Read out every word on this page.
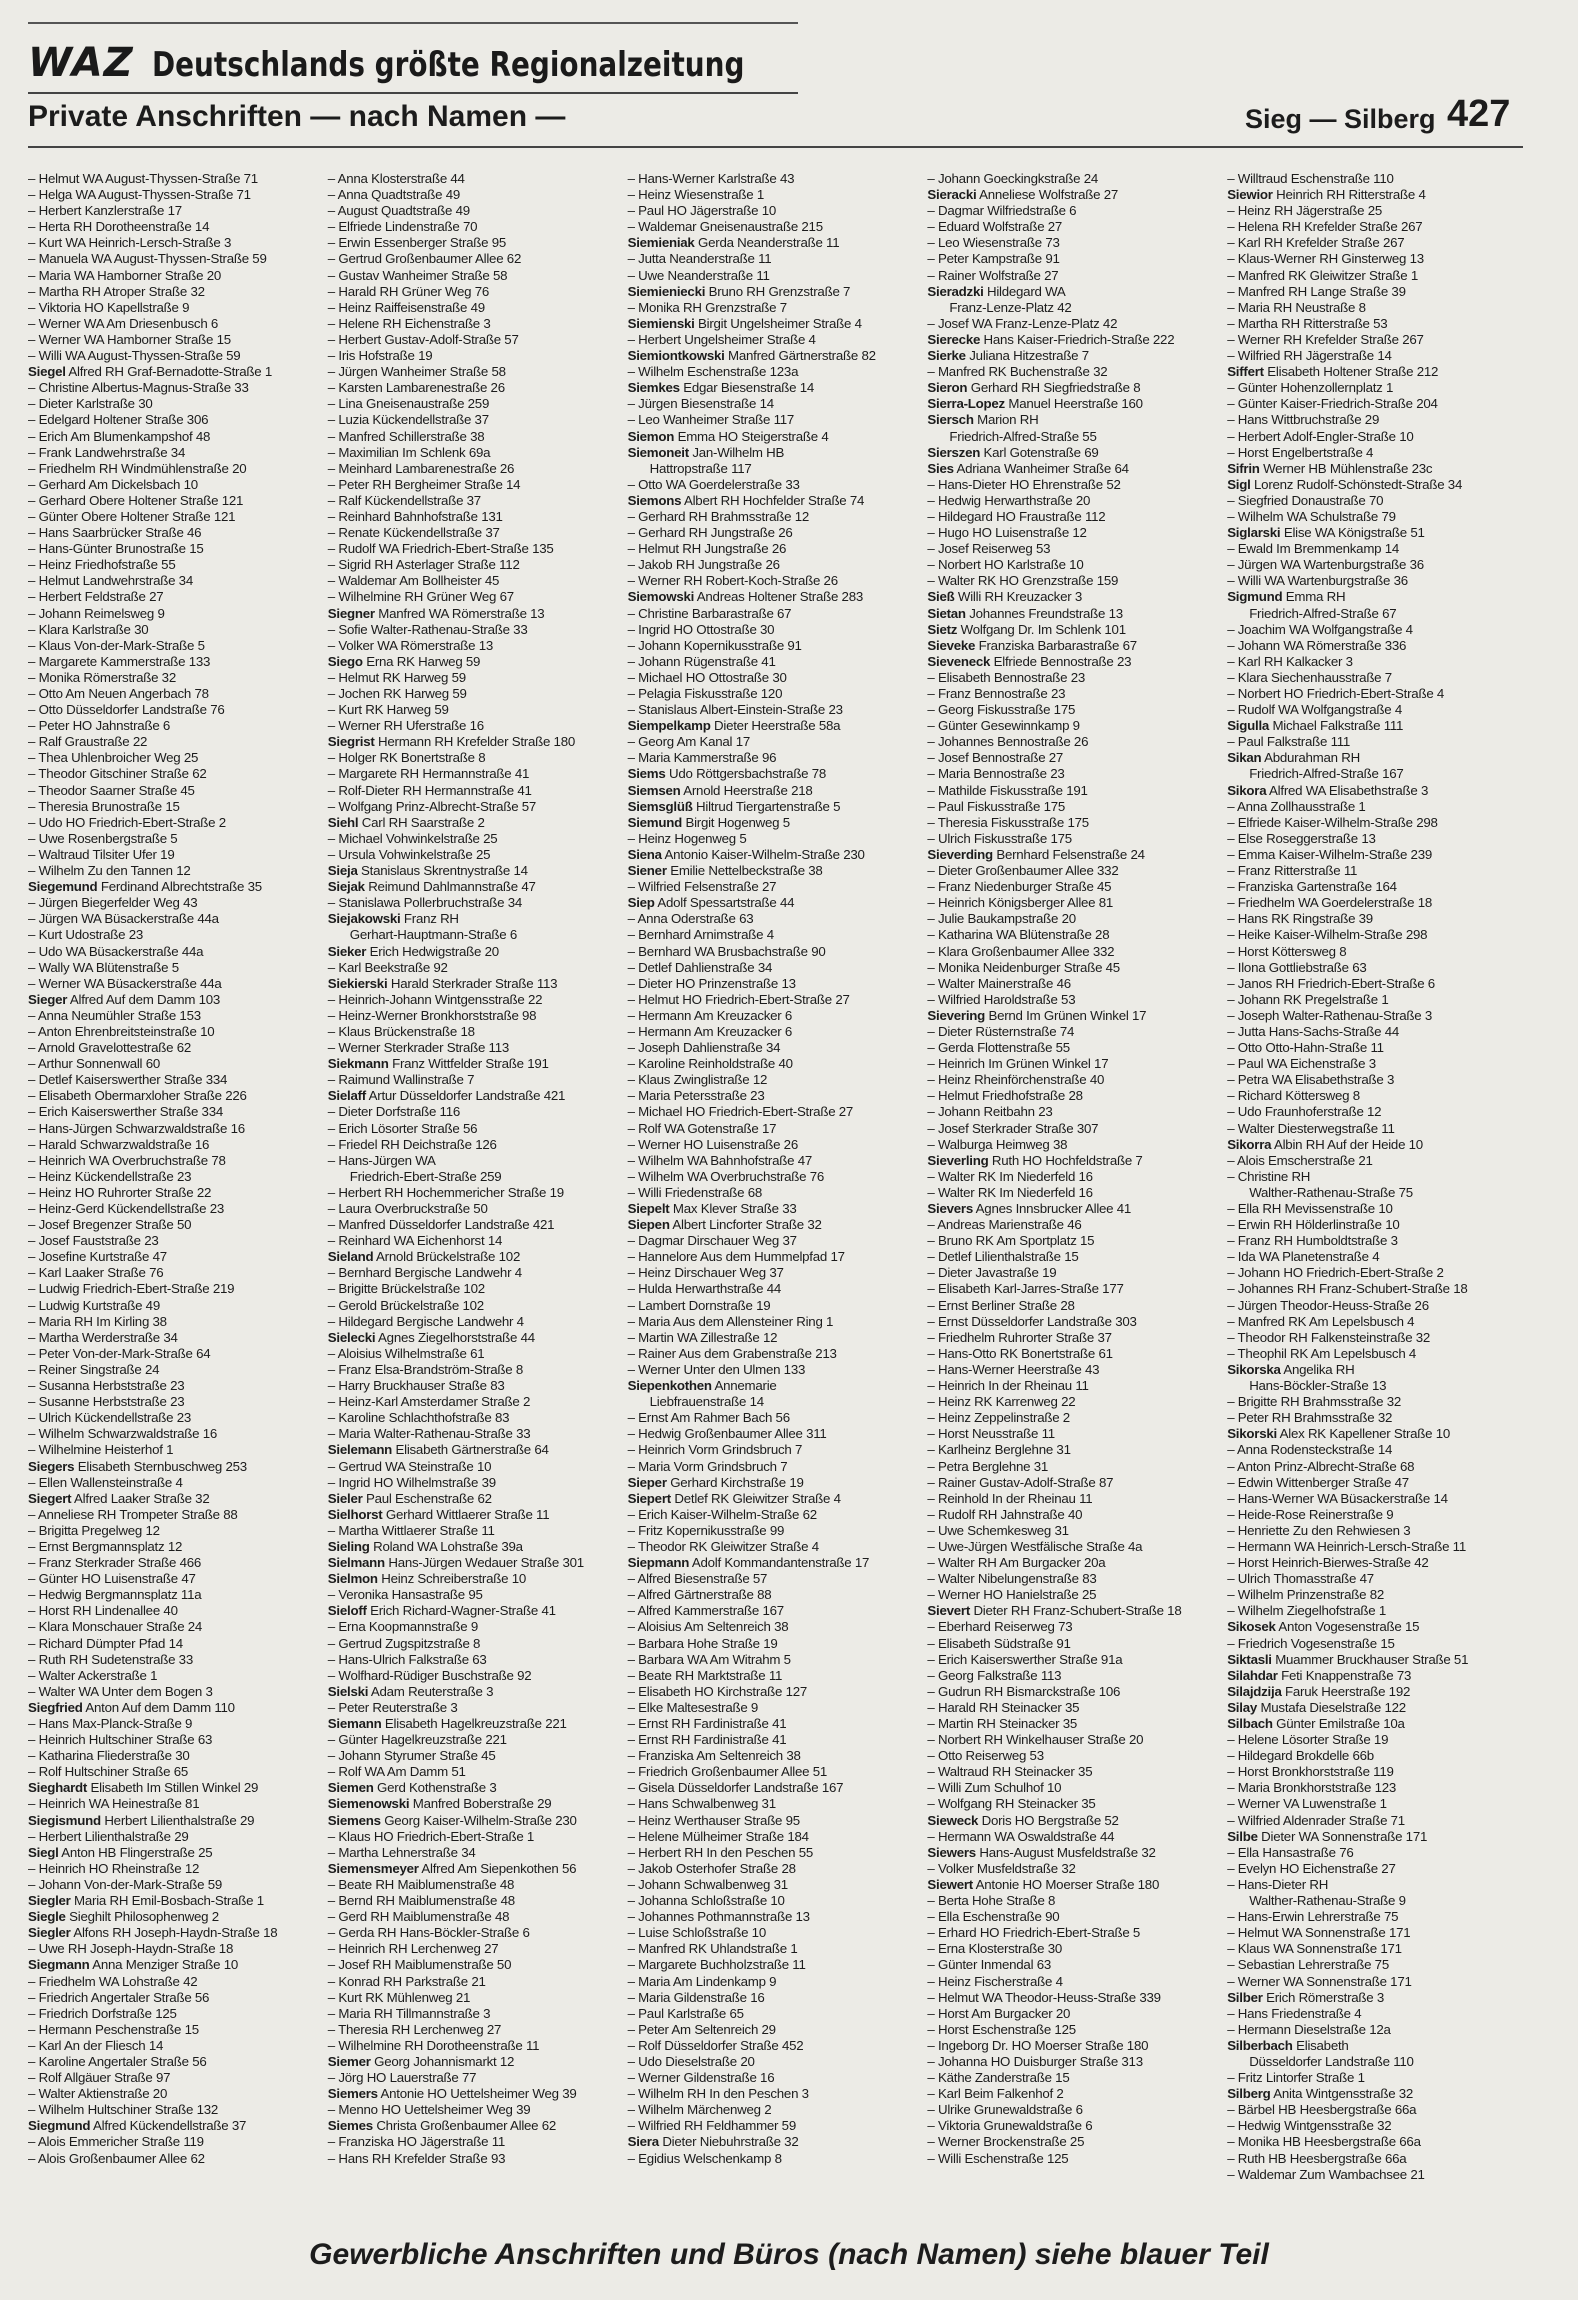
WAZ Deutschlands größte Regionalzeitung
Private Anschriften — nach Namen —	Sieg — Silberg 427
– Helmut WA August-Thyssen-Straße 71
– Helga WA August-Thyssen-Straße 71
– Herbert Kanzlerstraße 17
– Herta RH Dorotheenstraße 14
– Kurt WA Heinrich-Lersch-Straße 3
– Manuela WA August-Thyssen-Straße 59
– Maria WA Hamborner Straße 20
– Martha RH Atroper Straße 32
– Viktoria HO Kapellstraße 9
– Werner WA Am Driesenbusch 6
– Werner WA Hamborner Straße 15
– Willi WA August-Thyssen-Straße 59
Siegel Alfred RH Graf-Bernadotte-Straße 1
– Christine Albertus-Magnus-Straße 33
– Dieter Karlstraße 30
– Edelgard Holtener Straße 306
– Erich Am Blumenkampshof 48
– Frank Landwehrstraße 34
– Friedhelm RH Windmühlenstraße 20
– Gerhard Am Dickelsbach 10
– Gerhard Obere Holtener Straße 121
– Günter Obere Holtener Straße 121
– Hans Saarbrücker Straße 46
– Hans-Günter Brunostraße 15
– Heinz Friedhofstraße 55
– Helmut Landwehrstraße 34
– Herbert Feldstraße 27
– Johann Reimelsweg 9
– Klara Karlstraße 30
– Klaus Von-der-Mark-Straße 5
– Margarete Kammerstraße 133
– Monika Römerstraße 32
– Otto Am Neuen Angerbach 78
– Otto Düsseldorfer Landstraße 76
– Peter HO Jahnstraße 6
– Ralf Graustraße 22
– Thea Uhlenbroicher Weg 25
– Theodor Gitschiner Straße 62
– Theodor Saarner Straße 45
– Theresia Brunostraße 15
– Udo HO Friedrich-Ebert-Straße 2
– Uwe Rosenbergstraße 5
– Waltraud Tilsiter Ufer 19
– Wilhelm Zu den Tannen 12
Siegemund Ferdinand Albrechtstraße 35
– Jürgen Biegerfelder Weg 43
– Jürgen WA Büsackerstraße 44a
– Kurt Udostraße 23
– Udo WA Büsackerstraße 44a
– Wally WA Blütenstraße 5
– Werner WA Büsackerstraße 44a
Sieger Alfred Auf dem Damm 103
– Anna Neumühler Straße 153
– Anton Ehrenbreitsteinstraße 10
– Arnold Gravelottestraße 62
– Arthur Sonnenwall 60
– Detlef Kaiserswerther Straße 334
– Elisabeth Obermarxloher Straße 226
– Erich Kaiserswerther Straße 334
– Hans-Jürgen Schwarzwaldstraße 16
– Harald Schwarzwaldstraße 16
– Heinrich WA Overbruchstraße 78
– Heinz Kückendellstraße 23
– Heinz HO Ruhrorter Straße 22
– Heinz-Gerd Kückendellstraße 23
– Josef Bregenzer Straße 50
– Josef Fauststraße 23
– Josefine Kurtstraße 47
– Karl Laaker Straße 76
– Ludwig Friedrich-Ebert-Straße 219
– Ludwig Kurtstraße 49
– Maria RH Im Kirling 38
– Martha Werderstraße 34
– Peter Von-der-Mark-Straße 64
– Reiner Singstraße 24
– Susanna Herbststraße 23
– Susanne Herbststraße 23
– Ulrich Kückendellstraße 23
– Wilhelm Schwarzwaldstraße 16
– Wilhelmine Heisterhof 1
Siegers Elisabeth Sternbuschweg 253
– Ellen Wallensteinstraße 4
Siegert Alfred Laaker Straße 32
– Anneliese RH Trompeter Straße 88
– Brigitta Pregelweg 12
– Ernst Bergmannsplatz 12
– Franz Sterkrader Straße 466
– Günter HO Luisenstraße 47
– Hedwig Bergmannsplatz 11a
– Horst RH Lindenallee 40
– Klara Monschauer Straße 24
– Richard Dümpter Pfad 14
– Ruth RH Sudetenstraße 33
– Walter Ackerstraße 1
– Walter WA Unter dem Bogen 3
Siegfried Anton Auf dem Damm 110
– Hans Max-Planck-Straße 9
– Heinrich Hultschiner Straße 63
– Katharina Fliederstraße 30
– Rolf Hultschiner Straße 65
Sieghardt Elisabeth Im Stillen Winkel 29
– Heinrich WA Heinestraße 81
Siegismund Herbert Lilienthalstraße 29
– Herbert Lilienthalstraße 29
Siegl Anton HB Flingerstraße 25
– Heinrich HO Rheinstraße 12
– Johann Von-der-Mark-Straße 59
Siegler Maria RH Emil-Bosbach-Straße 1
Siegle Sieghilt Philosophenweg 2
Siegler Alfons RH Joseph-Haydn-Straße 18
– Uwe RH Joseph-Haydn-Straße 18
Siegmann Anna Menziger Straße 10
– Friedhelm WA Lohstraße 42
– Friedrich Angertaler Straße 56
– Friedrich Dorfstraße 125
– Hermann Peschenstraße 15
– Karl An der Fliesch 14
– Karoline Angertaler Straße 56
– Rolf Allgäuer Straße 97
– Walter Aktienstraße 20
– Wilhelm Hultschiner Straße 132
Siegmund Alfred Kückendellstraße 37
– Alois Emmericher Straße 119
– Alois Großenbaumer Allee 62
– Anna Klosterstraße 44
– Anna Quadtstraße 49
– August Quadtstraße 49
– Elfriede Lindenstraße 70
– Erwin Essenberger Straße 95
– Gertrud Großenbaumer Allee 62
– Gustav Wanheimer Straße 58
– Harald RH Grüner Weg 76
– Heinz Raiffeisenstraße 49
– Helene RH Eichenstraße 3
– Herbert Gustav-Adolf-Straße 57
– Iris Hofstraße 19
– Jürgen Wanheimer Straße 58
– Karsten Lambarenestraße 26
– Lina Gneisenaustraße 259
– Luzia Kückendellstraße 37
– Manfred Schillerstraße 38
– Maximilian Im Schlenk 69a
– Meinhard Lambarenestraße 26
– Peter RH Bergheimer Straße 14
– Ralf Kückendellstraße 37
– Reinhard Bahnhofstraße 131
– Renate Kückendellstraße 37
– Rudolf WA Friedrich-Ebert-Straße 135
– Sigrid RH Asterlager Straße 112
– Waldemar Am Bollheister 45
– Wilhelmine RH Grüner Weg 67
Siegner Manfred WA Römerstraße 13
– Sofie Walter-Rathenau-Straße 33
– Volker WA Römerstraße 13
Siego Erna RK Harweg 59
– Helmut RK Harweg 59
– Jochen RK Harweg 59
– Kurt RK Harweg 59
– Werner RH Uferstraße 16
Siegrist Hermann RH Krefelder Straße 180
– Holger RK Bonertstraße 8
– Margarete RH Hermannstraße 41
– Rolf-Dieter RH Hermannstraße 41
– Wolfgang Prinz-Albrecht-Straße 57
Siehl Carl RH Saarstraße 2
– Michael Vohwinkelstraße 25
– Ursula Vohwinkelstraße 25
Sieja Stanislaus Skrentnystraße 14
Siejak Reimund Dahlmannstraße 47
– Stanislawa Pollerbruchstraße 34
Siejakowski Franz RH
Gerhart-Hauptmann-Straße 6
Sieker Erich Hedwigstraße 20
– Karl Beekstraße 92
Siekierski Harald Sterkrader Straße 113
– Heinrich-Johann Wintgensstraße 22
– Heinz-Werner Bronkhorststraße 98
– Klaus Brückenstraße 18
– Werner Sterkrader Straße 113
Siekmann Franz Wittfelder Straße 191
– Raimund Wallinstraße 7
Sielaff Artur Düsseldorfer Landstraße 421
– Dieter Dorfstraße 116
– Erich Lösorter Straße 56
– Friedel RH Deichstraße 126
– Hans-Jürgen WA
Friedrich-Ebert-Straße 259
– Herbert RH Hochemmericher Straße 19
– Laura Overbruckstraße 50
– Manfred Düsseldorfer Landstraße 421
– Reinhard WA Eichenhorst 14
Sieland Arnold Brückelstraße 102
– Bernhard Bergische Landwehr 4
– Brigitte Brückelstraße 102
– Gerold Brückelstraße 102
– Hildegard Bergische Landwehr 4
Sielecki Agnes Ziegelhorststraße 44
– Aloisius Wilhelmstraße 61
– Franz Elsa-Brandström-Straße 8
– Harry Bruckhauser Straße 83
– Heinz-Karl Amsterdamer Straße 2
– Karoline Schlachthofstraße 83
– Maria Walter-Rathenau-Straße 33
Sielemann Elisabeth Gärtnerstraße 64
– Gertrud WA Steinstraße 10
– Ingrid HO Wilhelmstraße 39
Sieler Paul Eschenstraße 62
Sielhorst Gerhard Wittlaerer Straße 11
– Martha Wittlaerer Straße 11
Sieling Roland WA Lohstraße 39a
Sielmann Hans-Jürgen Wedauer Straße 301
Sielmon Heinz Schreiberstraße 10
– Veronika Hansastraße 95
Sieloff Erich Richard-Wagner-Straße 41
– Erna Koopmannstraße 9
– Gertrud Zugspitzstraße 8
– Hans-Ulrich Falkstraße 63
– Wolfhard-Rüdiger Buschstraße 92
Sielski Adam Reuterstraße 3
– Peter Reuterstraße 3
Siemann Elisabeth Hagelkreuzstraße 221
– Günter Hagelkreuzstraße 221
– Johann Styrumer Straße 45
– Rolf WA Am Damm 51
Siemen Gerd Kothenstraße 3
Siemenowski Manfred Boberstraße 29
Siemens Georg Kaiser-Wilhelm-Straße 230
– Klaus HO Friedrich-Ebert-Straße 1
– Martha Lehnerstraße 34
Siemensmeyer Alfred Am Siepenkothen 56
– Beate RH Maiblumenstraße 48
– Bernd RH Maiblumenstraße 48
– Gerd RH Maiblumenstraße 48
– Gerda RH Hans-Böckler-Straße 6
– Heinrich RH Lerchenweg 27
– Josef RH Maiblumenstraße 50
– Konrad RH Parkstraße 21
– Kurt RK Mühlenweg 21
– Maria RH Tillmannstraße 3
– Theresia RH Lerchenweg 27
– Wilhelmine RH Dorotheenstraße 11
Siemer Georg Johannismarkt 12
– Jörg HO Lauerstraße 77
Siemers Antonie HO Uettelsheimer Weg 39
– Menno HO Uettelsheimer Weg 39
Siemes Christa Großenbaumer Allee 62
– Franziska HO Jägerstraße 11
– Hans RH Krefelder Straße 93
– Hans-Werner Karlstraße 43
– Heinz Wiesenstraße 1
– Paul HO Jägerstraße 10
– Waldemar Gneisenaustraße 215
Siemieniak Gerda Neanderstraße 11
– Jutta Neanderstraße 11
– Uwe Neanderstraße 11
Siemieniecki Bruno RH Grenzstraße 7
– Monika RH Grenzstraße 7
Siemienski Birgit Ungelsheimer Straße 4
– Herbert Ungelsheimer Straße 4
Siemiontkowski Manfred Gärtnerstraße 82
– Wilhelm Eschenstraße 123a
Siemkes Edgar Biesenstraße 14
– Jürgen Biesenstraße 14
– Leo Wanheimer Straße 117
Siemon Emma HO Steigerstraße 4
Siemoneit Jan-Wilhelm HB
Hattropstraße 117
– Otto WA Goerdelerstraße 33
Siemons Albert RH Hochfelder Straße 74
– Gerhard RH Brahmsstraße 12
– Gerhard RH Jungstraße 26
– Helmut RH Jungstraße 26
– Jakob RH Jungstraße 26
– Werner RH Robert-Koch-Straße 26
Siemowski Andreas Holtener Straße 283
– Christine Barbarastraße 67
– Ingrid HO Ottostraße 30
– Johann Kopernikusstraße 91
– Johann Rügenstraße 41
– Michael HO Ottostraße 30
– Pelagia Fiskusstraße 120
– Stanislaus Albert-Einstein-Straße 23
Siempelkamp Dieter Heerstraße 58a
– Georg Am Kanal 17
– Maria Kammerstraße 96
Siems Udo Röttgersbachstraße 78
Siemsen Arnold Heerstraße 218
Siemsglüß Hiltrud Tiergartenstraße 5
Siemund Birgit Hogenweg 5
– Heinz Hogenweg 5
Siena Antonio Kaiser-Wilhelm-Straße 230
Siener Emilie Nettelbeckstraße 38
– Wilfried Felsenstraße 27
Siep Adolf Spessartstraße 44
– Anna Oderstraße 63
– Bernhard Arnimstraße 4
– Bernhard WA Brusbachstraße 90
– Detlef Dahlienstraße 34
– Dieter HO Prinzenstraße 13
– Helmut HO Friedrich-Ebert-Straße 27
– Hermann Am Kreuzacker 6
– Hermann Am Kreuzacker 6
– Joseph Dahlienstraße 34
– Karoline Reinholdstraße 40
– Klaus Zwinglistraße 12
– Maria Petersstraße 23
– Michael HO Friedrich-Ebert-Straße 27
– Rolf WA Gotenstraße 17
– Werner HO Luisenstraße 26
– Wilhelm WA Bahnhofstraße 47
– Wilhelm WA Overbruchstraße 76
– Willi Friedenstraße 68
Siepelt Max Klever Straße 33
Siepen Albert Lincforter Straße 32
– Dagmar Dirschauer Weg 37
– Hannelore Aus dem Hummelpfad 17
– Heinz Dirschauer Weg 37
– Hulda Herwarthstraße 44
– Lambert Dornstraße 19
– Maria Aus dem Allensteiner Ring 1
– Martin WA Zillestraße 12
– Rainer Aus dem Grabenstraße 213
– Werner Unter den Ulmen 133
Siepenkothen Annemarie
Liebfrauenstraße 14
– Ernst Am Rahmer Bach 56
– Hedwig Großenbaumer Allee 311
– Heinrich Vorm Grindsbruch 7
– Maria Vorm Grindsbruch 7
Sieper Gerhard Kirchstraße 19
Siepert Detlef RK Gleiwitzer Straße 4
– Erich Kaiser-Wilhelm-Straße 62
– Fritz Kopernikusstraße 99
– Theodor RK Gleiwitzer Straße 4
Siepmann Adolf Kommandantenstraße 17
– Alfred Biesenstraße 57
– Alfred Gärtnerstraße 88
– Alfred Kammerstraße 167
– Aloisius Am Seltenreich 38
– Barbara Hohe Straße 19
– Barbara WA Am Witrahm 5
– Beate RH Marktstraße 11
– Elisabeth HO Kirchstraße 127
– Elke Maltesestraße 9
– Ernst RH Fardinistraße 41
– Ernst RH Fardinistraße 41
– Franziska Am Seltenreich 38
– Friedrich Großenbaumer Allee 51
– Gisela Düsseldorfer Landstraße 167
– Hans Schwalbenweg 31
– Heinz Werthauser Straße 95
– Helene Mülheimer Straße 184
– Herbert RH In den Peschen 55
– Jakob Osterhofer Straße 28
– Johann Schwalbenweg 31
– Johanna Schloßstraße 10
– Johannes Pothmannstraße 13
– Luise Schloßstraße 10
– Manfred RK Uhlandstraße 1
– Margarete Buchholzstraße 11
– Maria Am Lindenkamp 9
– Maria Gildenstraße 16
– Paul Karlstraße 65
– Peter Am Seltenreich 29
– Rolf Düsseldorfer Straße 452
– Udo Dieselstraße 20
– Werner Gildenstraße 16
– Wilhelm RH In den Peschen 3
– Wilhelm Märchenweg 2
– Wilfried RH Feldhammer 59
Siera Dieter Niebuhrstraße 32
– Egidius Welschenkamp 8
– Johann Goeckingkstraße 24
Sieracki Anneliese Wolfstraße 27
– Dagmar Wilfriedstraße 6
– Eduard Wolfstraße 27
– Leo Wiesenstraße 73
– Peter Kampstraße 91
– Rainer Wolfstraße 27
Sieradzki Hildegard WA
Franz-Lenze-Platz 42
– Josef WA Franz-Lenze-Platz 42
Sierecke Hans Kaiser-Friedrich-Straße 222
Sierke Juliana Hitzestraße 7
– Manfred RK Buchenstraße 32
Sieron Gerhard RH Siegfriedstraße 8
Sierra-Lopez Manuel Heerstraße 160
Siersch Marion RH
Friedrich-Alfred-Straße 55
Sierszen Karl Gotenstraße 69
Sies Adriana Wanheimer Straße 64
– Hans-Dieter HO Ehrenstraße 52
– Hedwig Herwarthstraße 20
– Hildegard HO Fraustraße 112
– Hugo HO Luisenstraße 12
– Josef Reiserweg 53
– Norbert HO Karlstraße 10
– Walter RK HO Grenzstraße 159
Sieß Willi RH Kreuzacker 3
Sietan Johannes Freundstraße 13
Sietz Wolfgang Dr. Im Schlenk 101
Sieveke Franziska Barbarastraße 67
Sieveneck Elfriede Bennostraße 23
– Elisabeth Bennostraße 23
– Franz Bennostraße 23
– Georg Fiskusstraße 175
– Günter Gesewinnkamp 9
– Johannes Bennostraße 26
– Josef Bennostraße 27
– Maria Bennostraße 23
– Mathilde Fiskusstraße 191
– Paul Fiskusstraße 175
– Theresia Fiskusstraße 175
– Ulrich Fiskusstraße 175
Sieverding Bernhard Felsenstraße 24
– Dieter Großenbaumer Allee 332
– Franz Niedenburger Straße 45
– Heinrich Königsberger Allee 81
– Julie Baukampstraße 20
– Katharina WA Blütenstraße 28
– Klara Großenbaumer Allee 332
– Monika Neidenburger Straße 45
– Walter Mainerstraße 46
– Wilfried Haroldstraße 53
Sievering Bernd Im Grünen Winkel 17
– Dieter Rüsternstraße 74
– Gerda Flottenstraße 55
– Heinrich Im Grünen Winkel 17
– Heinz Rheinförchenstraße 40
– Helmut Friedhofstraße 28
– Johann Reitbahn 23
– Josef Sterkrader Straße 307
– Walburga Heimweg 38
Sieverling Ruth HO Hochfeldstraße 7
– Walter RK Im Niederfeld 16
– Walter RK Im Niederfeld 16
Sievers Agnes Innsbrucker Allee 41
– Andreas Marienstraße 46
– Bruno RK Am Sportplatz 15
– Detlef Lilienthalstraße 15
– Dieter Javastraße 19
– Elisabeth Karl-Jarres-Straße 177
– Ernst Berliner Straße 28
– Ernst Düsseldorfer Landstraße 303
– Friedhelm Ruhrorter Straße 37
– Hans-Otto RK Bonertstraße 61
– Hans-Werner Heerstraße 43
– Heinrich In der Rheinau 11
– Heinz RK Karrenweg 22
– Heinz Zeppelinstraße 2
– Horst Neusstraße 11
– Karlheinz Berglehne 31
– Petra Berglehne 31
– Rainer Gustav-Adolf-Straße 87
– Reinhold In der Rheinau 11
– Rudolf RH Jahnstraße 40
– Uwe Schemkesweg 31
– Uwe-Jürgen Westfälische Straße 4a
– Walter RH Am Burgacker 20a
– Walter Nibelungenstraße 83
– Werner HO Hanielstraße 25
Sievert Dieter RH Franz-Schubert-Straße 18
– Eberhard Reiserweg 73
– Elisabeth Südstraße 91
– Erich Kaiserswerther Straße 91a
– Georg Falkstraße 113
– Gudrun RH Bismarckstraße 106
– Harald RH Steinacker 35
– Martin RH Steinacker 35
– Norbert RH Winkelhauser Straße 20
– Otto Reiserweg 53
– Waltraud RH Steinacker 35
– Willi Zum Schulhof 10
– Wolfgang RH Steinacker 35
Sieweck Doris HO Bergstraße 52
– Hermann WA Oswaldstraße 44
Siewers Hans-August Musfeldstraße 32
– Volker Musfeldstraße 32
Siewert Antonie HO Moerser Straße 180
– Berta Hohe Straße 8
– Ella Eschenstraße 90
– Erhard HO Friedrich-Ebert-Straße 5
– Erna Klosterstraße 30
– Günter Inmendal 63
– Heinz Fischerstraße 4
– Helmut WA Theodor-Heuss-Straße 339
– Horst Am Burgacker 20
– Horst Eschenstraße 125
– Ingeborg Dr. HO Moerser Straße 180
– Johanna HO Duisburger Straße 313
– Käthe Zanderstraße 15
– Karl Beim Falkenhof 2
– Ulrike Grunewaldstraße 6
– Viktoria Grunewaldstraße 6
– Werner Brockenstraße 25
– Willi Eschenstraße 125
– Willtraud Eschenstraße 110
Siewior Heinrich RH Ritterstraße 4
– Heinz RH Jägerstraße 25
– Helena RH Krefelder Straße 267
– Karl RH Krefelder Straße 267
– Klaus-Werner RH Ginsterweg 13
– Manfred RK Gleiwitzer Straße 1
– Manfred RH Lange Straße 39
– Maria RH Neustraße 8
– Martha RH Ritterstraße 53
– Werner RH Krefelder Straße 267
– Wilfried RH Jägerstraße 14
Siffert Elisabeth Holtener Straße 212
– Günter Hohenzollernplatz 1
– Günter Kaiser-Friedrich-Straße 204
– Hans Wittbruchstraße 29
– Herbert Adolf-Engler-Straße 10
– Horst Engelbertstraße 4
Sifrin Werner HB Mühlenstraße 23c
Sigl Lorenz Rudolf-Schönstedt-Straße 34
– Siegfried Donaustraße 70
– Wilhelm WA Schulstraße 79
Siglarski Elise WA Königstraße 51
– Ewald Im Bremmenkamp 14
– Jürgen WA Wartenburgstraße 36
– Willi WA Wartenburgstraße 36
Sigmund Emma RH
Friedrich-Alfred-Straße 67
– Joachim WA Wolfgangstraße 4
– Johann WA Römerstraße 336
– Karl RH Kalkacker 3
– Klara Siechenhausstraße 7
– Norbert HO Friedrich-Ebert-Straße 4
– Rudolf WA Wolfgangstraße 4
Sigulla Michael Falkstraße 111
– Paul Falkstraße 111
Sikan Abdurahman RH
Friedrich-Alfred-Straße 167
Sikora Alfred WA Elisabethstraße 3
– Anna Zollhausstraße 1
– Elfriede Kaiser-Wilhelm-Straße 298
– Else Roseggerstraße 13
– Emma Kaiser-Wilhelm-Straße 239
– Franz Ritterstraße 11
– Franziska Gartenstraße 164
– Friedhelm WA Goerdelerstraße 18
– Hans RK Ringstraße 39
– Heike Kaiser-Wilhelm-Straße 298
– Horst Köttersweg 8
– Ilona Gottliebstraße 63
– Janos RH Friedrich-Ebert-Straße 6
– Johann RK Pregelstraße 1
– Joseph Walter-Rathenau-Straße 3
– Jutta Hans-Sachs-Straße 44
– Otto Otto-Hahn-Straße 11
– Paul WA Eichenstraße 3
– Petra WA Elisabethstraße 3
– Richard Köttersweg 8
– Udo Fraunhoferstraße 12
– Walter Diesterwegstraße 11
Sikorra Albin RH Auf der Heide 10
– Alois Emscherstraße 21
– Christine RH
Walther-Rathenau-Straße 75
– Ella RH Mevissenstraße 10
– Erwin RH Hölderlinstraße 10
– Franz RH Humboldtstraße 3
– Ida WA Planetenstraße 4
– Johann HO Friedrich-Ebert-Straße 2
– Johannes RH Franz-Schubert-Straße 18
– Jürgen Theodor-Heuss-Straße 26
– Manfred RK Am Lepelsbusch 4
– Theodor RH Falkensteinstraße 32
– Theophil RK Am Lepelsbusch 4
Sikorska Angelika RH
Hans-Böckler-Straße 13
– Brigitte RH Brahmsstraße 32
– Peter RH Brahmsstraße 32
Sikorski Alex RK Kapellener Straße 10
– Anna Rodensteckstraße 14
– Anton Prinz-Albrecht-Straße 68
– Edwin Wittenberger Straße 47
– Hans-Werner WA Büsackerstraße 14
– Heide-Rose Reinerstraße 9
– Henriette Zu den Rehwiesen 3
– Hermann WA Heinrich-Lersch-Straße 11
– Horst Heinrich-Bierwes-Straße 42
– Ulrich Thomasstraße 47
– Wilhelm Prinzenstraße 82
– Wilhelm Ziegelhofstraße 1
Sikosek Anton Vogesenstraße 15
– Friedrich Vogesenstraße 15
Siktasli Muammer Bruckhauser Straße 51
Silahdar Feti Knappenstraße 73
Silajdzija Faruk Heerstraße 192
Silay Mustafa Dieselstraße 122
Silbach Günter Emilstraße 10a
– Helene Lösorter Straße 19
– Hildegard Brokdelle 66b
– Horst Bronkhorststraße 119
– Maria Bronkhorststraße 123
– Werner VA Luwenstraße 1
– Wilfried Aldenrader Straße 71
Silbe Dieter WA Sonnenstraße 171
– Ella Hansastraße 76
– Evelyn HO Eichenstraße 27
– Hans-Dieter RH
Walther-Rathenau-Straße 9
– Hans-Erwin Lehrerstraße 75
– Helmut WA Sonnenstraße 171
– Klaus WA Sonnenstraße 171
– Sebastian Lehrerstraße 75
– Werner WA Sonnenstraße 171
Silber Erich Römerstraße 3
– Hans Friedenstraße 4
– Hermann Dieselstraße 12a
Silberbach Elisabeth
Düsseldorfer Landstraße 110
– Fritz Lintorfer Straße 1
Silberg Anita Wintgensstraße 32
– Bärbel HB Heesbergstraße 66a
– Hedwig Wintgensstraße 32
– Monika HB Heesbergstraße 66a
– Ruth HB Heesbergstraße 66a
– Waldemar Zum Wambachsee 21
Gewerbliche Anschriften und Büros (nach Namen) siehe blauer Teil
